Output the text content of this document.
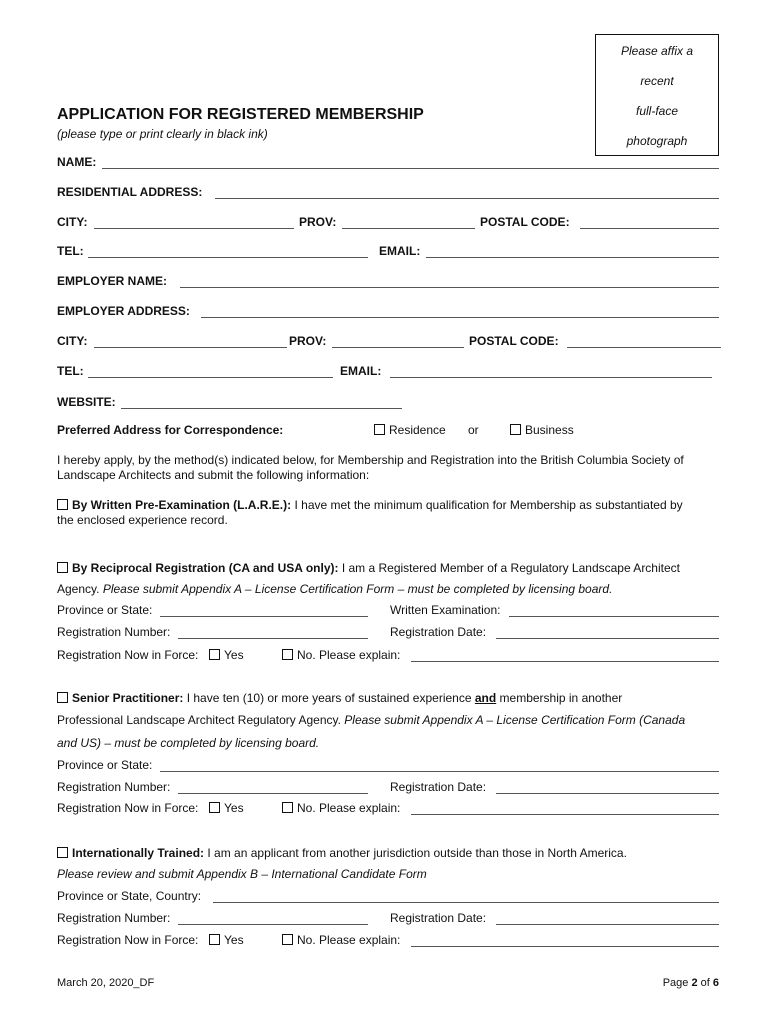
Please affix a
recent
full-face
photograph
APPLICATION FOR REGISTERED MEMBERSHIP
(please type or print clearly in black ink)
NAME:
RESIDENTIAL ADDRESS:
CITY:	PROV:	POSTAL CODE:
TEL:	EMAIL:
EMPLOYER NAME:
EMPLOYER ADDRESS:
CITY:	PROV:	POSTAL CODE:
TEL:	EMAIL:
WEBSITE:
Preferred Address for Correspondence:	Residence or	Business
I hereby apply, by the method(s) indicated below, for Membership and Registration into the British Columbia Society of Landscape Architects and submit the following information:
By Written Pre-Examination (L.A.R.E.): I have met the minimum qualification for Membership as substantiated by
the enclosed experience record.
By Reciprocal Registration (CA and USA only): I am a Registered Member of a Regulatory Landscape Architect
Agency. Please submit Appendix A – License Certification Form – must be completed by licensing board.
Province or State:	Written Examination:
Registration Number:	Registration Date:
Registration Now in Force:	Yes	No. Please explain:
Senior Practitioner: I have ten (10) or more years of sustained experience and membership in another
Professional Landscape Architect Regulatory Agency. Please submit Appendix A – License Certification Form (Canada
and US) – must be completed by licensing board.
Province or State:
Registration Number:	Registration Date:
Registration Now in Force:	Yes	No. Please explain:
Internationally Trained: I am an applicant from another jurisdiction outside than those in North America.
Please review and submit Appendix B – International Candidate Form
Province or State, Country:
Registration Number:	Registration Date:
Registration Now in Force:	Yes	No. Please explain:
March 20, 2020_DF	Page 2 of 6
